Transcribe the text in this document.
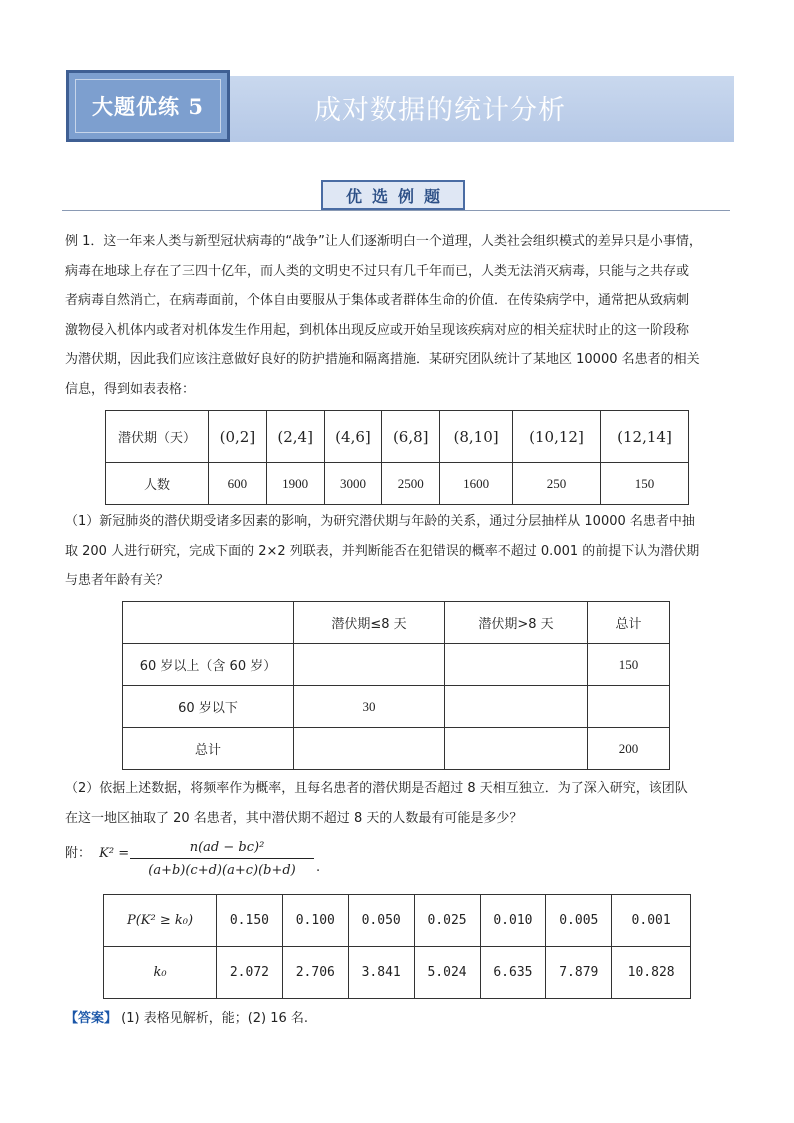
大题优练 5	成对数据的统计分析
优选例题
例 1．这一年来人类与新型冠状病毒的“战争”让人们逐渐明白一个道理，人类社会组织模式的差异只是小事情，
病毒在地球上存在了三四十亿年，而人类的文明史不过只有几千年而已，人类无法消灭病毒，只能与之共存或
者病毒自然消亡，在病毒面前，个体自由要服从于集体或者群体生命的价值．在传染病学中，通常把从致病刺
激物侵入机体内或者对机体发生作用起，到机体出现反应或开始呈现该疾病对应的相关症状时止的这一阶段称
为潜伏期，因此我们应该注意做好良好的防护措施和隔离措施．某研究团队统计了某地区 10000 名患者的相关
信息，得到如表表格：
潜伏期（天）	(0,2]	(2,4]	(4,6]	(6,8]	(8,10]	(10,12]	(12,14]
人数	600	1900	3000	2500	1600	250	150
（1）新冠肺炎的潜伏期受诸多因素的影响，为研究潜伏期与年龄的关系，通过分层抽样从 10000 名患者中抽
取 200 人进行研究，完成下面的 2×2 列联表，并判断能否在犯错误的概率不超过 0.001 的前提下认为潜伏期
与患者年龄有关？
	潜伏期≤8 天	潜伏期>8 天	总计
60 岁以上（含 60 岁）			150
60 岁以下	30		
总计			200
（2）依据上述数据，将频率作为概率，且每名患者的潜伏期是否超过 8 天相互独立．为了深入研究，该团队
在这一地区抽取了 20 名患者，其中潜伏期不超过 8 天的人数最有可能是多少？
附： $K^2 = \frac{\text{n(ad − bc)²}}{(a+b)(c+d)(a+c)(b+d)}$ .
P(K² ≥ k₀)	0.150	0.100	0.050	0.025	0.010	0.005	0.001
k₀	2.072	2.706	3.841	5.024	6.635	7.879	10.828
【答案】 (1) 表格见解析，能；(2) 16 名.
